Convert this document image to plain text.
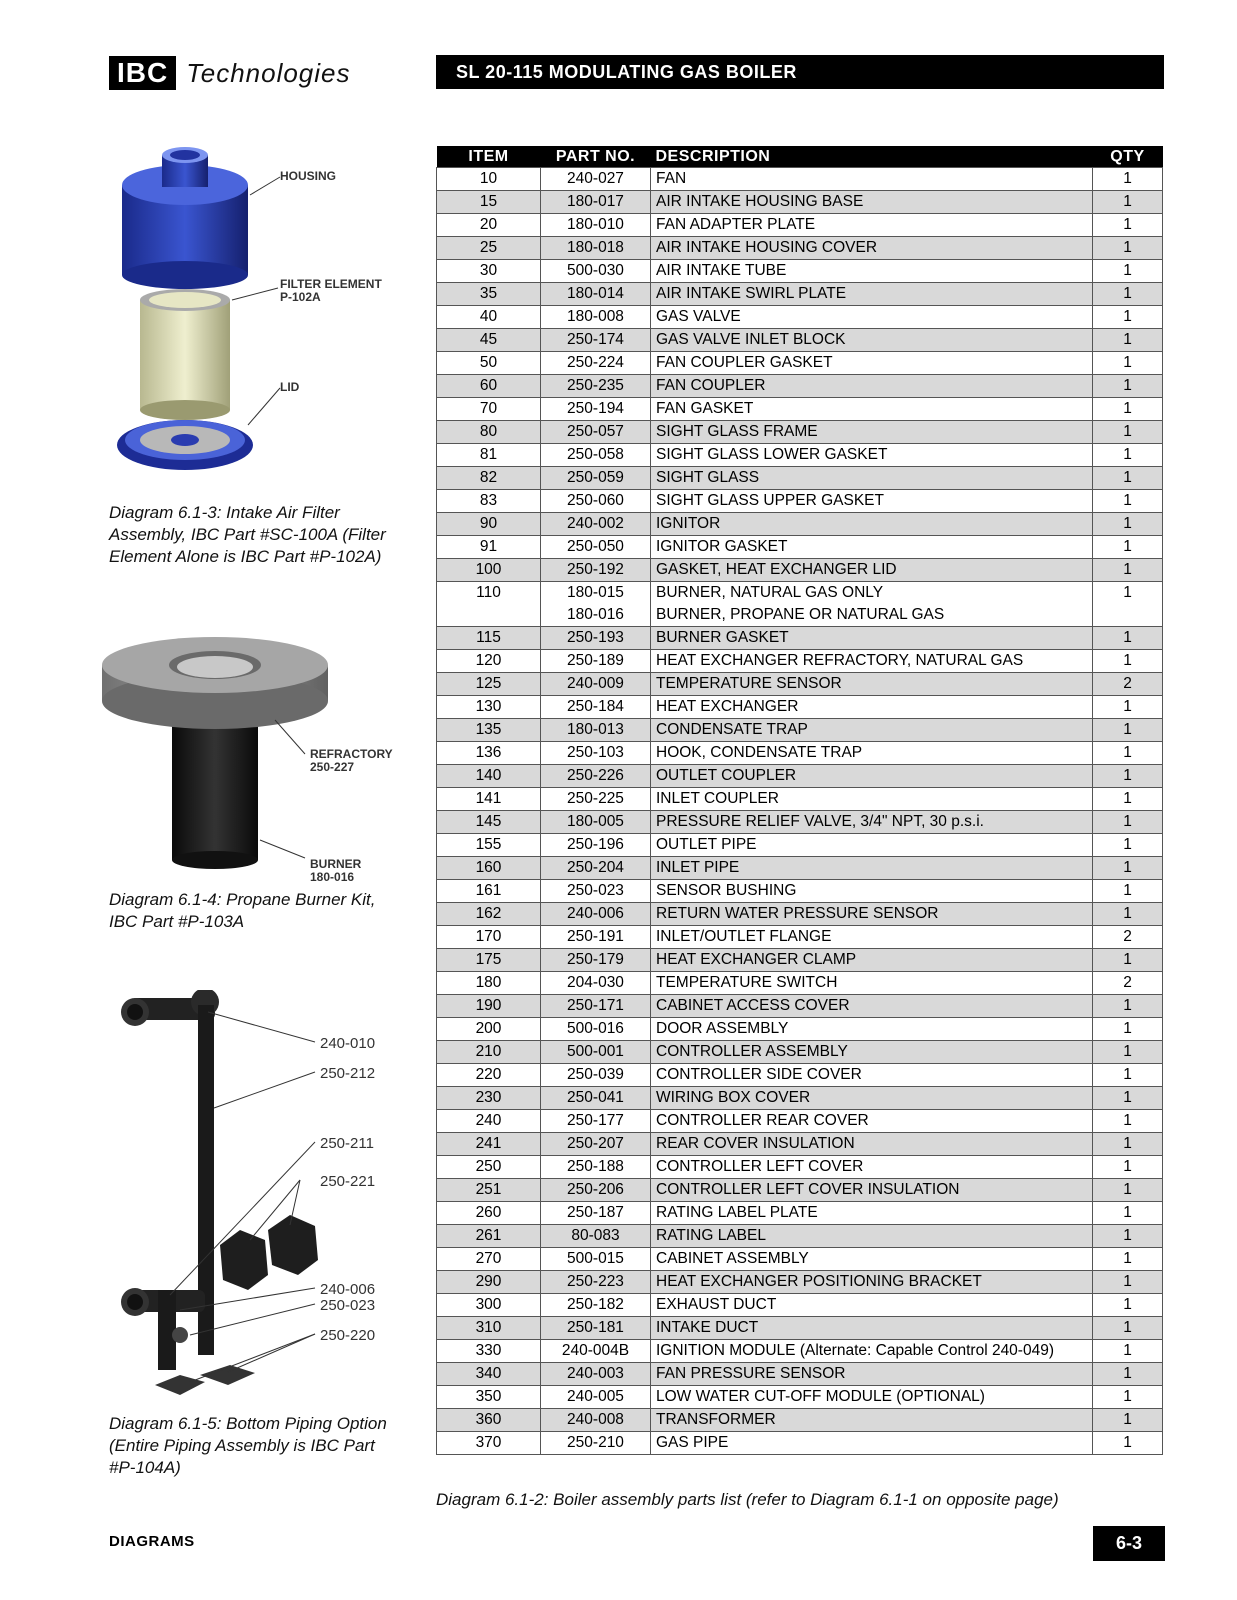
IBC Technologies	SL 20-115 MODULATING GAS BOILER
HOUSING
FILTER ELEMENT
P-102A
LID
Diagram 6.1-3: Intake Air Filter
Assembly, IBC Part #SC-100A (Filter
Element Alone is IBC Part #P-102A)
REFRACTORY
250-227
BURNER
180-016
Diagram 6.1-4: Propane Burner Kit,
IBC Part #P-103A
240-010
250-212
250-211
250-221
240-006
250-023
250-220
Diagram 6.1-5: Bottom Piping Option
(Entire Piping Assembly is IBC Part
#P-104A)
ITEM	PART NO.	DESCRIPTION	QTY
10	240-027	FAN	1
15	180-017	AIR INTAKE HOUSING BASE	1
20	180-010	FAN ADAPTER PLATE	1
25	180-018	AIR INTAKE HOUSING COVER	1
30	500-030	AIR INTAKE TUBE	1
35	180-014	AIR INTAKE SWIRL PLATE	1
40	180-008	GAS VALVE	1
45	250-174	GAS VALVE INLET BLOCK	1
50	250-224	FAN COUPLER GASKET	1
60	250-235	FAN COUPLER	1
70	250-194	FAN GASKET	1
80	250-057	SIGHT GLASS FRAME	1
81	250-058	SIGHT GLASS LOWER GASKET	1
82	250-059	SIGHT GLASS	1
83	250-060	SIGHT GLASS UPPER GASKET	1
90	240-002	IGNITOR	1
91	250-050	IGNITOR GASKET	1
100	250-192	GASKET, HEAT EXCHANGER LID	1
110	180-015	BURNER, NATURAL GAS ONLY	1
	180-016	BURNER, PROPANE OR NATURAL GAS	
115	250-193	BURNER GASKET	1
120	250-189	HEAT EXCHANGER REFRACTORY, NATURAL GAS	1
125	240-009	TEMPERATURE SENSOR	2
130	250-184	HEAT EXCHANGER	1
135	180-013	CONDENSATE TRAP	1
136	250-103	HOOK, CONDENSATE TRAP	1
140	250-226	OUTLET COUPLER	1
141	250-225	INLET COUPLER	1
145	180-005	PRESSURE RELIEF VALVE, 3/4" NPT, 30 p.s.i.	1
155	250-196	OUTLET PIPE	1
160	250-204	INLET PIPE	1
161	250-023	SENSOR BUSHING	1
162	240-006	RETURN WATER PRESSURE SENSOR	1
170	250-191	INLET/OUTLET FLANGE	2
175	250-179	HEAT EXCHANGER CLAMP	1
180	204-030	TEMPERATURE SWITCH	2
190	250-171	CABINET ACCESS COVER	1
200	500-016	DOOR ASSEMBLY	1
210	500-001	CONTROLLER ASSEMBLY	1
220	250-039	CONTROLLER SIDE COVER	1
230	250-041	WIRING BOX COVER	1
240	250-177	CONTROLLER REAR COVER	1
241	250-207	REAR COVER INSULATION	1
250	250-188	CONTROLLER LEFT COVER	1
251	250-206	CONTROLLER LEFT COVER INSULATION	1
260	250-187	RATING LABEL PLATE	1
261	80-083	RATING LABEL	1
270	500-015	CABINET ASSEMBLY	1
290	250-223	HEAT EXCHANGER POSITIONING BRACKET	1
300	250-182	EXHAUST DUCT	1
310	250-181	INTAKE DUCT	1
330	240-004B	IGNITION MODULE (Alternate: Capable Control 240-049)	1
340	240-003	FAN PRESSURE SENSOR	1
350	240-005	LOW WATER CUT-OFF MODULE (OPTIONAL)	1
360	240-008	TRANSFORMER	1
370	250-210	GAS PIPE	1
Diagram 6.1-2: Boiler assembly parts list (refer to Diagram 6.1-1 on opposite page)
DIAGRAMS	6-3
